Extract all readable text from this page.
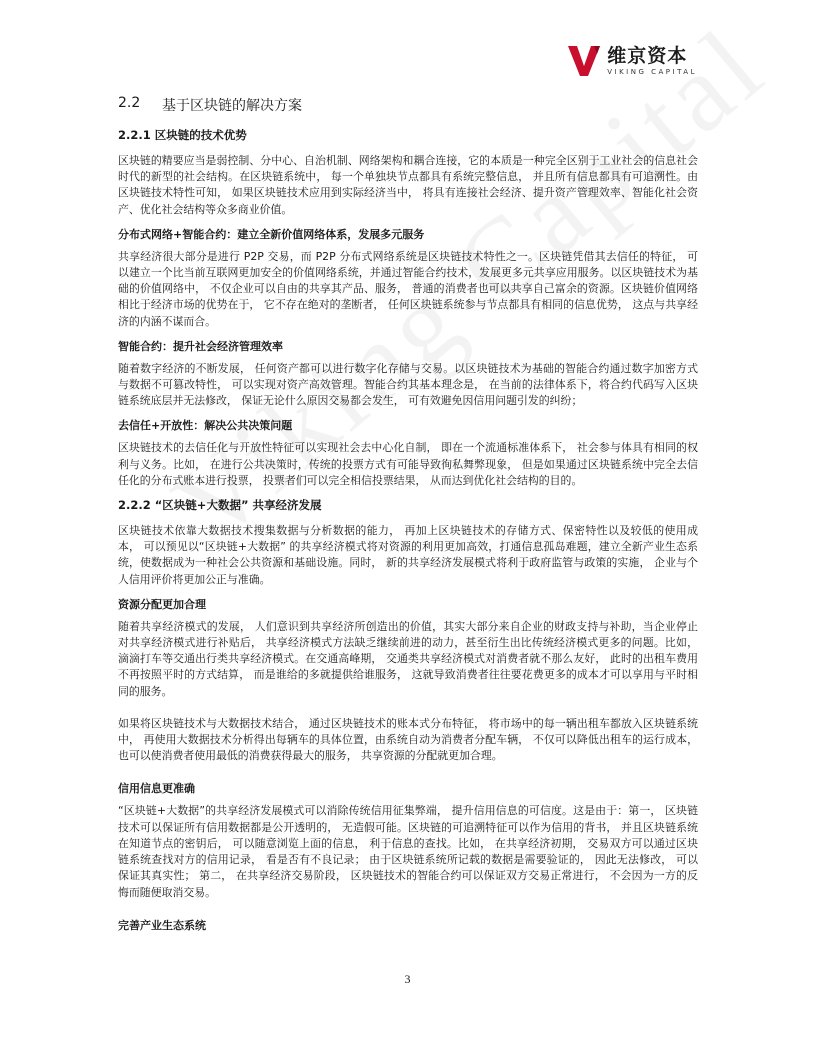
维京资本
VIKING CAPITAL
2.2	基于区块链的解决方案
2.2.1 区块链的技术优势

区块链的精要应当是弱控制、分中心、自治机制、网络架构和耦合连接，它的本质是一种完全区别于工业社会的信息社会时代的新型的社会结构。在区块链系统中， 每一个单独块节点都具有系统完整信息， 并且所有信息都具有可追溯性。由区块链技术特性可知， 如果区块链技术应用到实际经济当中， 将具有连接社会经济、提升资产管理效率、智能化社会资产、优化社会结构等众多商业价值。

分布式网络+智能合约：建立全新价值网络体系，发展多元服务

共享经济很大部分是进行 P2P 交易，而 P2P 分布式网络系统是区块链技术特性之一。区块链凭借其去信任的特征， 可以建立一个比当前互联网更加安全的价值网络系统，并通过智能合约技术，发展更多元共享应用服务。以区块链技术为基础的价值网络中， 不仅企业可以自由的共享其产品、服务， 普通的消费者也可以共享自己富余的资源。区块链价值网络相比于经济市场的优势在于， 它不存在绝对的垄断者， 任何区块链系统参与节点都具有相同的信息优势， 这点与共享经济的内涵不谋而合。

智能合约：提升社会经济管理效率

随着数字经济的不断发展， 任何资产都可以进行数字化存储与交易。以区块链技术为基础的智能合约通过数字加密方式与数据不可篡改特性， 可以实现对资产高效管理。智能合约其基本理念是， 在当前的法律体系下，将合约代码写入区块链系统底层并无法修改， 保证无论什么原因交易都会发生， 可有效避免因信用问题引发的纠纷；

去信任+开放性：解决公共决策问题

区块链技术的去信任化与开放性特征可以实现社会去中心化自制， 即在一个流通标准体系下， 社会参与体具有相同的权利与义务。比如， 在进行公共决策时，传统的投票方式有可能导致徇私舞弊现象， 但是如果通过区块链系统中完全去信任化的分布式账本进行投票， 投票者们可以完全相信投票结果， 从而达到优化社会结构的目的。

2.2.2 “区块链+大数据” 共享经济发展

区块链技术依靠大数据技术搜集数据与分析数据的能力， 再加上区块链技术的存储方式、保密特性以及较低的使用成本， 可以预见以“区块链+大数据” 的共享经济模式将对资源的利用更加高效，打通信息孤岛难题，建立全新产业生态系统，使数据成为一种社会公共资源和基础设施。同时， 新的共享经济发展模式将利于政府监管与政策的实施， 企业与个人信用评价将更加公正与准确。

资源分配更加合理

随着共享经济模式的发展， 人们意识到共享经济所创造出的价值，其实大部分来自企业的财政支持与补助，当企业停止对共享经济模式进行补贴后， 共享经济模式方法缺乏继续前进的动力，甚至衍生出比传统经济模式更多的问题。比如， 滴滴打车等交通出行类共享经济模式。在交通高峰期， 交通类共享经济模式对消费者就不那么友好， 此时的出租车费用不再按照平时的方式结算， 而是谁给的多就提供给谁服务， 这就导致消费者往往要花费更多的成本才可以享用与平时相同的服务。

如果将区块链技术与大数据技术结合， 通过区块链技术的账本式分布特征， 将市场中的每一辆出租车都放入区块链系统中， 再使用大数据技术分析得出每辆车的具体位置，由系统自动为消费者分配车辆， 不仅可以降低出租车的运行成本， 也可以使消费者使用最低的消费获得最大的服务， 共享资源的分配就更加合理。

信用信息更准确

“区块链+大数据”的共享经济发展模式可以消除传统信用征集弊端， 提升信用信息的可信度。这是由于：第一， 区块链技术可以保证所有信用数据都是公开透明的， 无造假可能。区块链的可追溯特征可以作为信用的背书， 并且区块链系统在知道节点的密钥后， 可以随意浏览上面的信息， 利于信息的查找。比如， 在共享经济初期， 交易双方可以通过区块链系统查找对方的信用记录， 看是否有不良记录； 由于区块链系统所记载的数据是需要验证的， 因此无法修改， 可以保证其真实性； 第二， 在共享经济交易阶段， 区块链技术的智能合约可以保证双方交易正常进行， 不会因为一方的反悔而随便取消交易。

完善产业生态系统
3
